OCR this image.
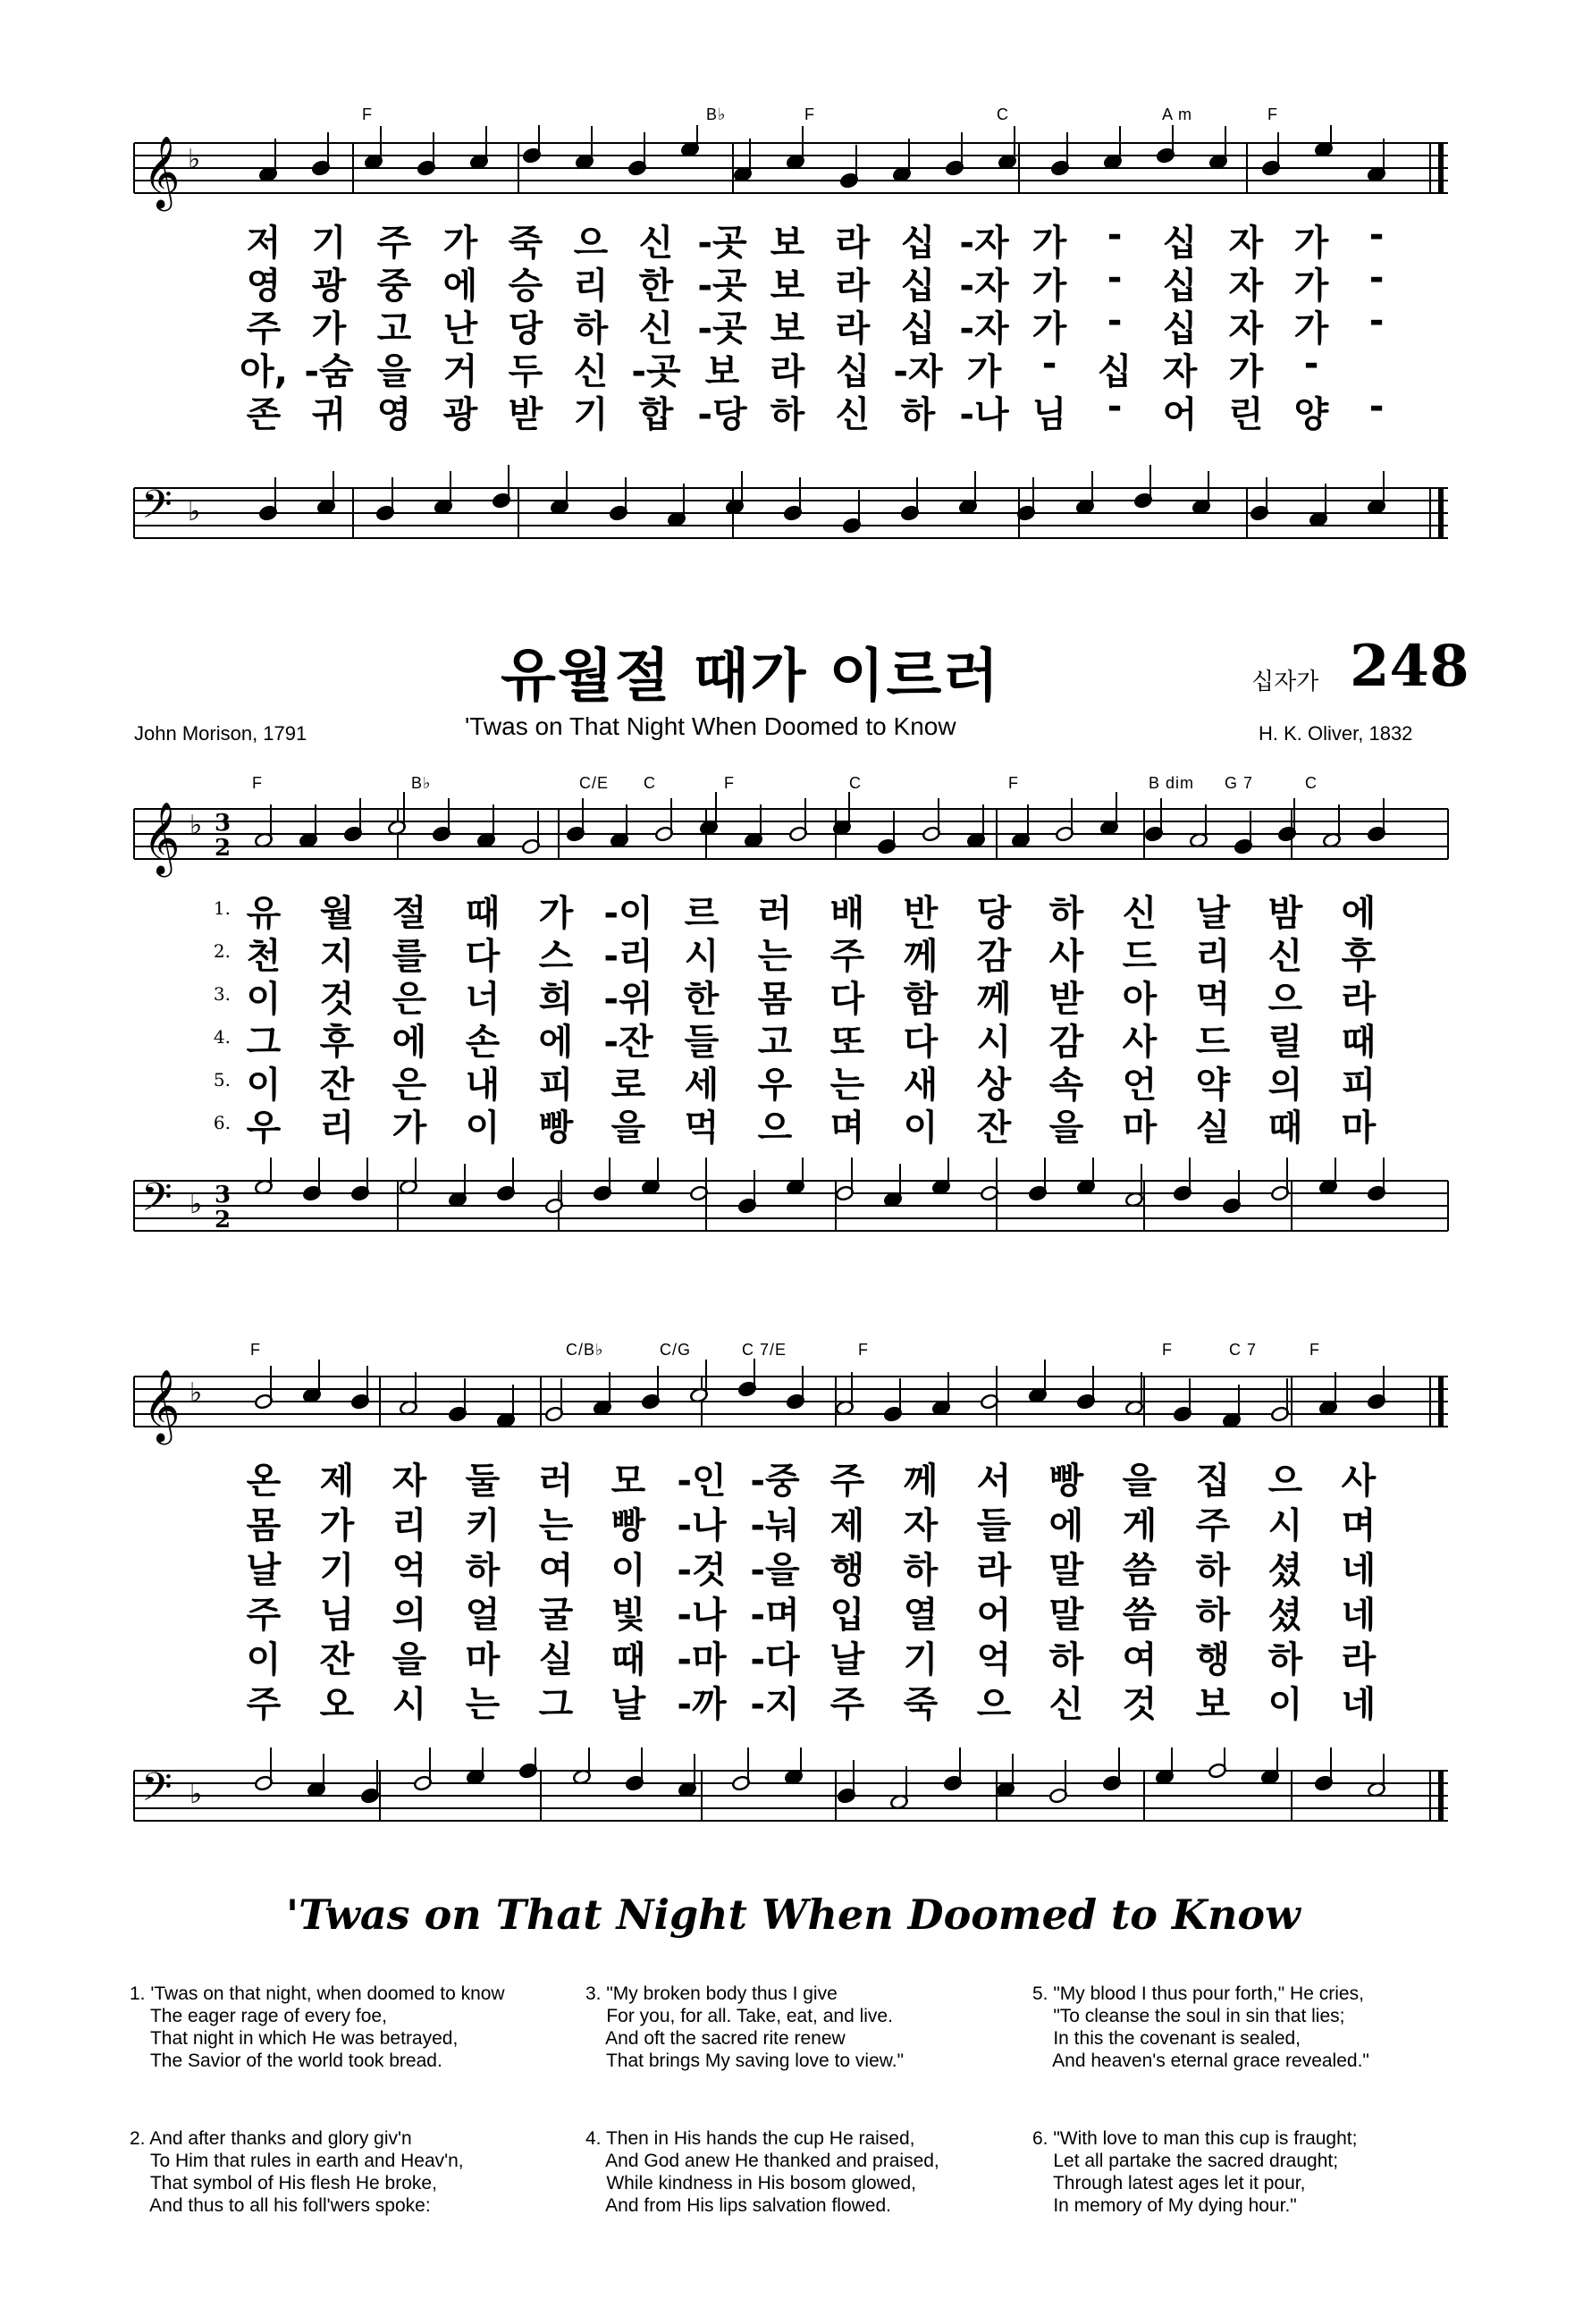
F	B♭	F	C	A m	F
𝄞 ♭
저 기 주 가 죽 으 신 -곳 보 라 십 -자 가 - 십 자 가 -
영 광 중 에 승 리 한 -곳 보 라 십 -자 가 - 십 자 가 -
주 가 고 난 당 하 신 -곳 보 라 십 -자 가 - 십 자 가 -
아, -숨 을 거 두 신 -곳 보 라 십 -자 가 - 십 자 가 -
존 귀 영 광 받 기 합 -당 하 신 하 -나 님 - 어 린 양 -
𝄢 ♭
유월절 때가 이르러	십자가 248
John Morison, 1791	'Twas on That Night When Doomed to Know	H. K. Oliver, 1832
F	B♭	C/E C	F	C	F	B dim G 7	C
𝄞 ♭ 3
2
1. 유 월 절 때 가 -이 르 러 배 반 당 하 신 날 밤 에
2. 천 지 를 다 스 -리 시 는 주 께 감 사 드 리 신 후
3. 이 것 은 너 희 -위 한 몸 다 함 께 받 아 먹 으 라
4. 그 후 에 손 에 -잔 들 고 또 다 시 감 사 드 릴 때
5. 이 잔 은 내 피 로 세 우 는 새 상 속 언 약 의 피
6. 우 리 가 이 빵 을 먹 으 며 이 잔 을 마 실 때 마
𝄢 ♭ 3
2
F	C/B♭	C/G	C 7/E	F	F	C 7	F
𝄞 ♭
온 제 자 둘 러 모 -인 -중 주 께 서 빵 을 집 으 사
몸 가 리 키 는 빵 -나 -눠 제 자 들 에 게 주 시 며
날 기 억 하 여 이 -것 -을 행 하 라 말 씀 하 셨 네
주 님 의 얼 굴 빛 -나 -며 입 열 어 말 씀 하 셨 네
이 잔 을 마 실 때 -마 -다 날 기 억 하 여 행 하 라
주 오 시 는 그 날 -까 -지 주 죽 으 신 것 보 이 네
𝄢 ♭
'Twas on That Night When Doomed to Know
1. 'Twas on that night, when doomed to know
The eager rage of every foe,
That night in which He was betrayed,
The Savior of the world took bread.
2. And after thanks and glory giv'n
To Him that rules in earth and Heav'n,
That symbol of His flesh He broke,
And thus to all his foll'wers spoke:
3. "My broken body thus I give
For you, for all. Take, eat, and live.
And oft the sacred rite renew
That brings My saving love to view."
4. Then in His hands the cup He raised,
And God anew He thanked and praised,
While kindness in His bosom glowed,
And from His lips salvation flowed.
5. "My blood I thus pour forth," He cries,
"To cleanse the soul in sin that lies;
In this the covenant is sealed,
And heaven's eternal grace revealed."
6. "With love to man this cup is fraught;
Let all partake the sacred draught;
Through latest ages let it pour,
In memory of My dying hour."
